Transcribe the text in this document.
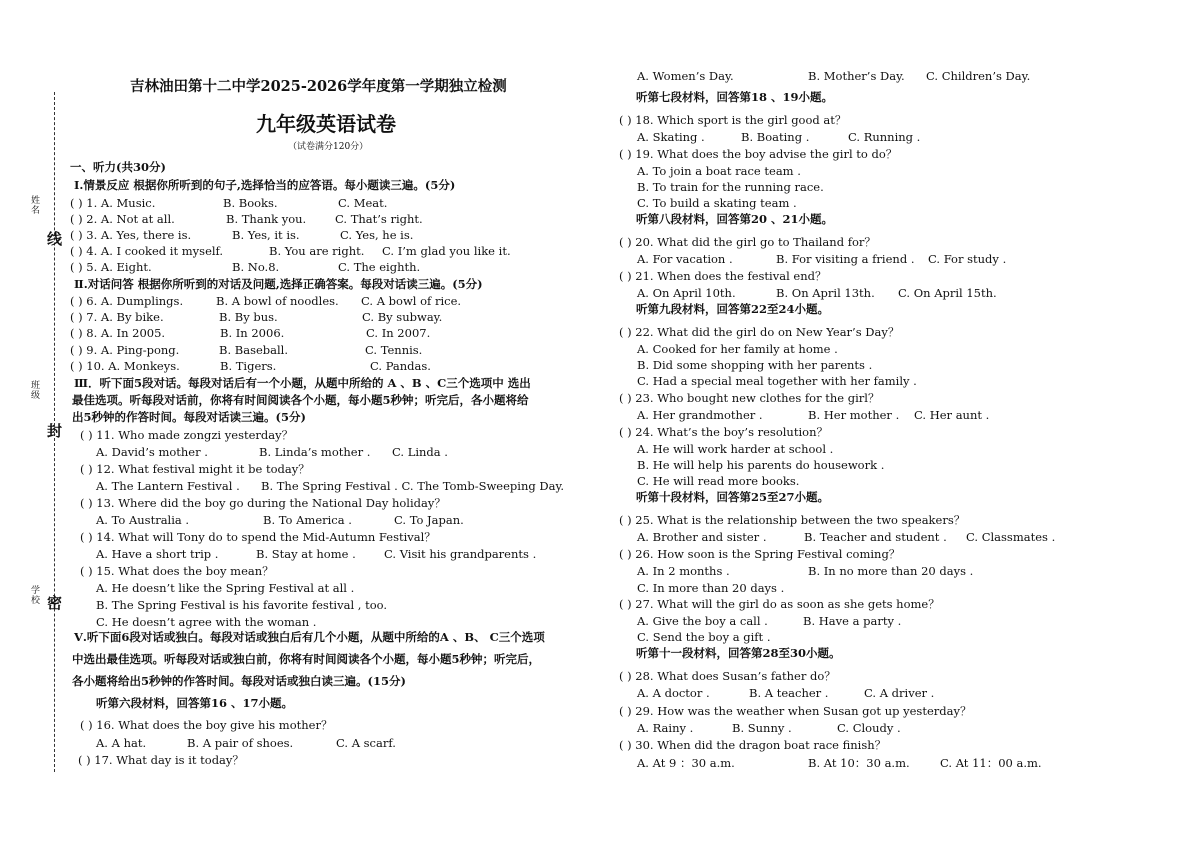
姓名
班级
学校
线
封
密
吉林油田第十二中学2025-2026学年度第一学期独立检测
九年级英语试卷
（试卷满分120分）
一、听力(共30分)
Ⅰ.情景反应 根据你所听到的句子,选择恰当的应答语。每小题读三遍。(5分)
( ) 1. A. Music.	B. Books.	C. Meat.
( ) 2. A. Not at all.	B. Thank you.	C. That’s right.
( ) 3. A. Yes, there is.	B. Yes, it is.	C. Yes, he is.
( ) 4. A. I cooked it myself.	B. You are right. C. I’m glad you like it.
( ) 5. A. Eight.	B. No.8.	C. The eighth.
Ⅱ.对话问答 根据你所听到的对话及问题,选择正确答案。每段对话读三遍。(5分)
( ) 6. A. Dumplings.	B. A bowl of noodles. C. A bowl of rice.
( ) 7. A. By bike.	B. By bus.	C. By subway.
( ) 8. A. In 2005.	B. In 2006.	C. In 2007.
( ) 9. A. Ping-pong.	B. Baseball.	C. Tennis.
( ) 10. A. Monkeys.	B. Tigers.	C. Pandas.
Ⅲ．听下面5段对话。每段对话后有一个小题，从题中所给的 A 、B 、C三个选项中 选出
最佳选项。听每段对话前，你将有时间阅读各个小题，每小题5秒钟；听完后，各小题将给
出5秒钟的作答时间。每段对话读三遍。(5分)
( ) 11. Who made zongzi yesterday？
A. David’s mother .	B. Linda’s mother . C. Linda .
( ) 12. What festival might it be today？
A. The Lantern Festival . B. The Spring Festival . C. The Tomb-Sweeping Day.
( ) 13. Where did the boy go during the National Day holiday？
A. To Australia .	B. To America .	C. To Japan.
( ) 14. What will Tony do to spend the Mid-Autumn Festival？
A. Have a short trip .	B. Stay at home . C. Visit his grandparents .
( ) 15. What does the boy mean？
A. He doesn’t like the Spring Festival at all .
B. The Spring Festival is his favorite festival , too.
C. He doesn’t agree with the woman .
Ⅴ.听下面6段对话或独白。每段对话或独白后有几个小题，从题中所给的A 、B、 C三个选项
中选出最佳选项。听每段对话或独白前，你将有时间阅读各个小题，每小题5秒钟；听完后，
各小题将给出5秒钟的作答时间。每段对话或独白读三遍。(15分)
听第六段材料，回答第16 、17小题。
( ) 16. What does the boy give his mother？
A. A hat.	B. A pair of shoes.	C. A scarf.
( ) 17. What day is it today？
A. Women’s Day.	B. Mother’s Day. C. Children’s Day.
听第七段材料，回答第18 、19小题。
( ) 18. Which sport is the girl good at？
A. Skating .	B. Boating .	C. Running .
( ) 19. What does the boy advise the girl to do？
A. To join a boat race team .
B. To train for the running race.
C. To build a skating team .
听第八段材料，回答第20 、21小题。
( ) 20. What did the girl go to Thailand for？
A. For vacation .	B. For visiting a friend . C. For study .
( ) 21. When does the festival end？
A. On April 10th.	B. On April 13th. C. On April 15th.
听第九段材料，回答第22至24小题。
( ) 22. What did the girl do on New Year’s Day？
A. Cooked for her family at home .
B. Did some shopping with her parents .
C. Had a special meal together with her family .
( ) 23. Who bought new clothes for the girl？
A. Her grandmother .	B. Her mother . C. Her aunt .
( ) 24. What’s the boy’s resolution？
A. He will work harder at school .
B. He will help his parents do housework .
C. He will read more books.
听第十段材料，回答第25至27小题。
( ) 25. What is the relationship between the two speakers？
A. Brother and sister .	B. Teacher and student . C. Classmates .
( ) 26. How soon is the Spring Festival coming？
A. In 2 months .	B. In no more than 20 days .
C. In more than 20 days .
( ) 27. What will the girl do as soon as she gets home？
A. Give the boy a call .	B. Have a party .
C. Send the boy a gift .
听第十一段材料，回答第28至30小题。
( ) 28. What does Susan’s father do？
A. A doctor .	B. A teacher .	C. A driver .
( ) 29. How was the weather when Susan got up yesterday？
A. Rainy .	B. Sunny .	C. Cloudy .
( ) 30. When did the dragon boat race finish？
A. At 9 ：30 a.m.	B. At 10：30 a.m.	C. At 11：00 a.m.
